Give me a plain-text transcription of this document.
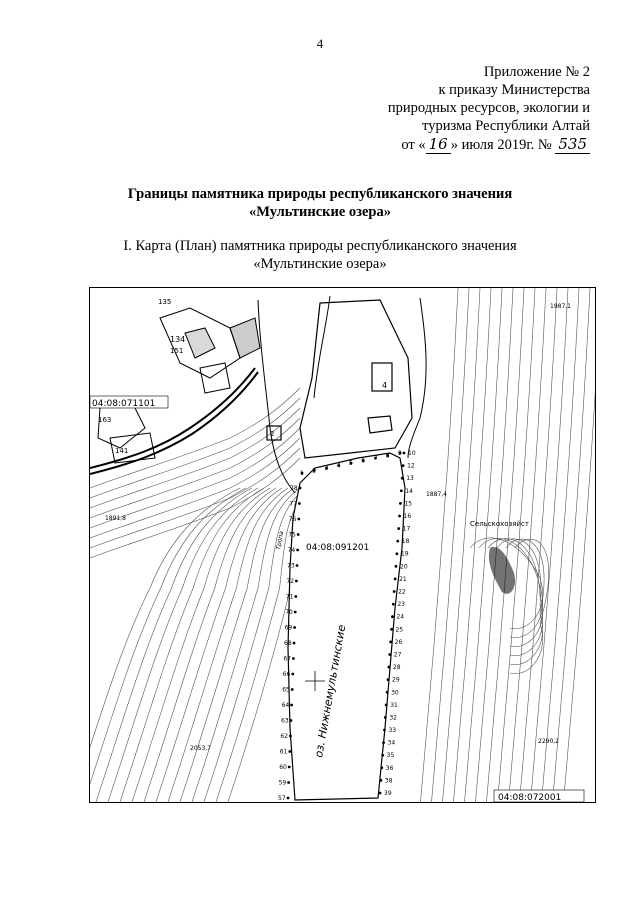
4
Приложение № 2
к приказу Министерства
природных ресурсов, экологии и
туризма Республики Алтай
от « 16 » июля 2019г. № 535
Границы памятника природы республиканского значения
«Мультинские озера»
I. Карта (План) памятника природы республиканского значения
«Мультинские озера»
10
12
13
14
15
16
17
18
19
20
21
22
23
24
25
26
27
28
29
30
31
32
33
34
35
36
38
39
78
77
76
75
74
73
72
71
70
69
68
67
66
65
64
63
62
61
60
59
57
1 2 3 4 5 6 7 8 9
04:08:071101
04:08:091201
04:08:072001
оз. Нижнемультинские
Тропа
Сельскохозяйст
134
135
163
151
141
4
2
1987,1
1891,8
2053,7
2290,2
1887,4
